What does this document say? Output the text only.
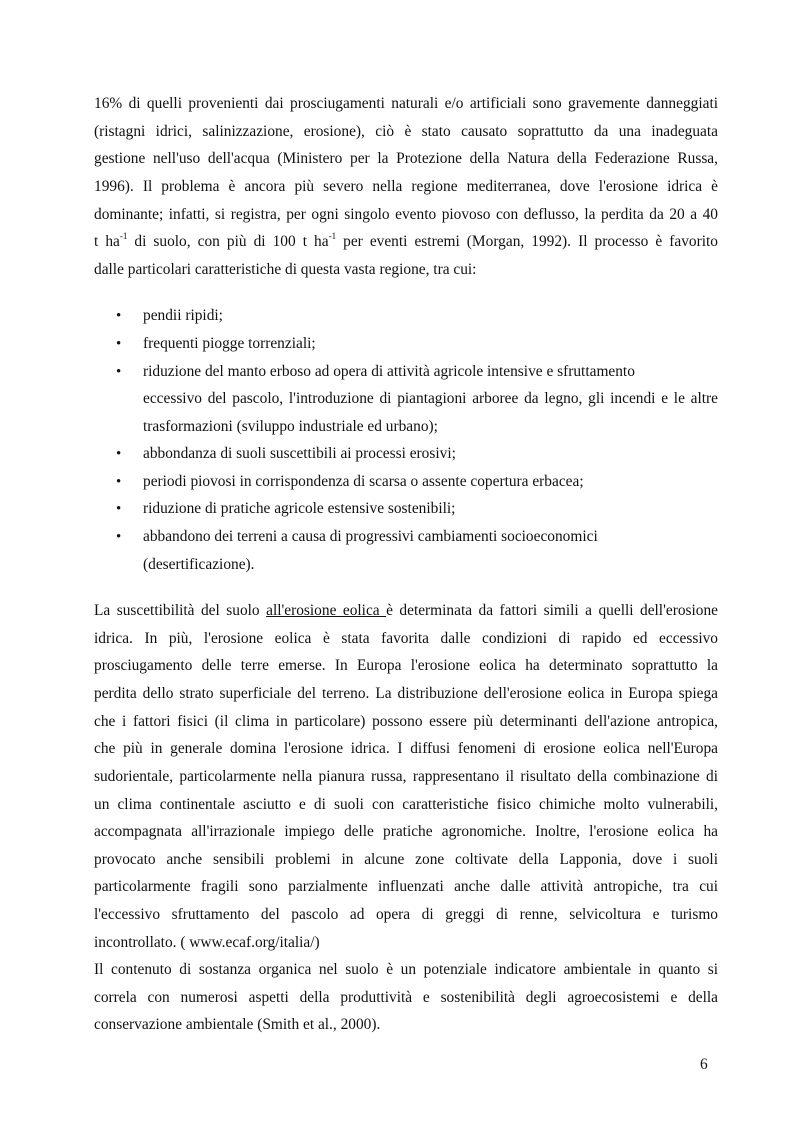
16% di quelli provenienti dai prosciugamenti naturali e/o artificiali sono gravemente danneggiati
(ristagni idrici, salinizzazione, erosione), ciò è stato causato soprattutto da una inadeguata
gestione nell'uso dell'acqua (Ministero per la Protezione della Natura della Federazione Russa,
1996). Il problema è ancora più severo nella regione mediterranea, dove l'erosione idrica è
dominante; infatti, si registra, per ogni singolo evento piovoso con deflusso, la perdita da 20 a 40
t $ha^{-1}$ di suolo, con più di 100 t $ha^{-1}$ per eventi estremi (Morgan, 1992). Il processo è favorito
dalle particolari caratteristiche di questa vasta regione, tra cui:
• pendii ripidi;
• frequenti piogge torrenziali;
• riduzione del manto erboso ad opera di attività agricole intensive e sfruttamento
eccessivo del pascolo, l'introduzione di piantagioni arboree da legno, gli incendi e le altre
trasformazioni (sviluppo industriale ed urbano);
• abbondanza di suoli suscettibili ai processi erosivi;
• periodi piovosi in corrispondenza di scarsa o assente copertura erbacea;
• riduzione di pratiche agricole estensive sostenibili;
• abbandono dei terreni a causa di progressivi cambiamenti socioeconomici
(desertificazione).
La suscettibilità del suolo all'erosione eolica è determinata da fattori simili a quelli dell'erosione
idrica. In più, l'erosione eolica è stata favorita dalle condizioni di rapido ed eccessivo
prosciugamento delle terre emerse. In Europa l'erosione eolica ha determinato soprattutto la
perdita dello strato superficiale del terreno. La distribuzione dell'erosione eolica in Europa spiega
che i fattori fisici (il clima in particolare) possono essere più determinanti dell'azione antropica,
che più in generale domina l'erosione idrica. I diffusi fenomeni di erosione eolica nell'Europa
sudorientale, particolarmente nella pianura russa, rappresentano il risultato della combinazione di
un clima continentale asciutto e di suoli con caratteristiche fisico chimiche molto vulnerabili,
accompagnata all'irrazionale impiego delle pratiche agronomiche. Inoltre, l'erosione eolica ha
provocato anche sensibili problemi in alcune zone coltivate della Lapponia, dove i suoli
particolarmente fragili sono parzialmente influenzati anche dalle attività antropiche, tra cui
l'eccessivo sfruttamento del pascolo ad opera di greggi di renne, selvicoltura e turismo
incontrollato. ( www.ecaf.org/italia/)
Il contenuto di sostanza organica nel suolo è un potenziale indicatore ambientale in quanto si
correla con numerosi aspetti della produttività e sostenibilità degli agroecosistemi e della
conservazione ambientale (Smith et al., 2000).
6
